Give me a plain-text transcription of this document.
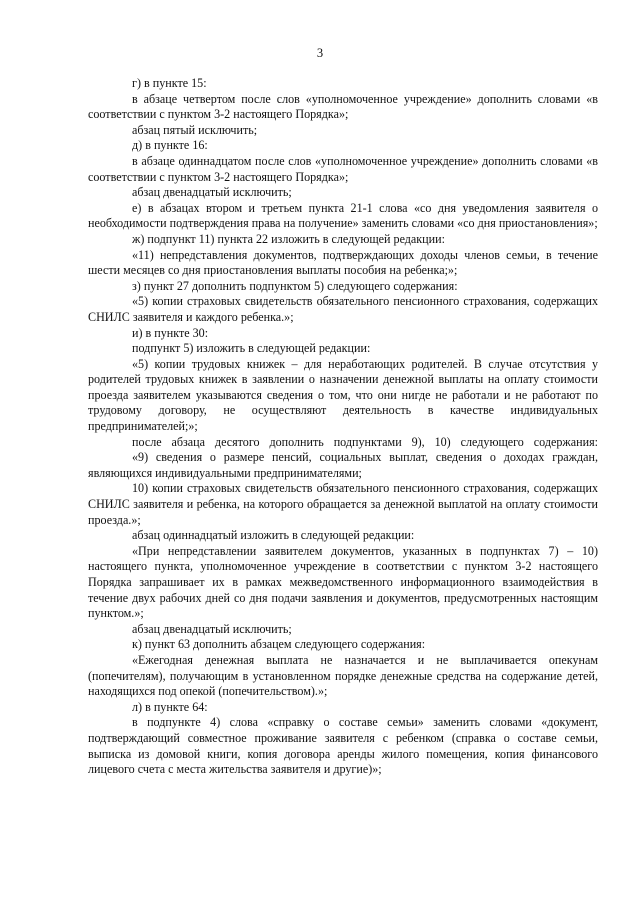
3

г) в пункте 15:

в абзаце четвертом после слов «уполномоченное учреждение» дополнить словами «в соответствии с пунктом 3-2 настоящего Порядка»;

абзац пятый исключить;

д) в пункте 16:

в абзаце одиннадцатом после слов «уполномоченное учреждение» дополнить словами «в соответствии с пунктом 3-2 настоящего Порядка»;

абзац двенадцатый исключить;

е) в абзацах втором и третьем пункта 21-1 слова «со дня уведомления заявителя о необходимости подтверждения права на получение» заменить словами «со дня приостановления»;

ж) подпункт 11) пункта 22 изложить в следующей редакции:

«11) непредставления документов, подтверждающих доходы членов семьи, в течение шести месяцев со дня приостановления выплаты пособия на ребенка;»;

з) пункт 27 дополнить подпунктом 5) следующего содержания:

«5) копии страховых свидетельств обязательного пенсионного страхования, содержащих СНИЛС заявителя и каждого ребенка.»;

и) в пункте 30:

подпункт 5) изложить в следующей редакции:

«5) копии трудовых книжек – для неработающих родителей. В случае отсутствия у родителей трудовых книжек в заявлении о назначении денежной выплаты на оплату стоимости проезда заявителем указываются сведения о том, что они нигде не работали и не работают по трудовому договору, не осуществляют деятельность в качестве индивидуальных предпринимателей;»;

после абзаца десятого дополнить подпунктами 9), 10) следующего содержания:

«9) сведения о размере пенсий, социальных выплат, сведения о доходах граждан, являющихся индивидуальными предпринимателями;

10) копии страховых свидетельств обязательного пенсионного страхования, содержащих СНИЛС заявителя и ребенка, на которого обращается за денежной выплатой на оплату стоимости проезда.»;

абзац одиннадцатый изложить в следующей редакции:

«При непредставлении заявителем документов, указанных в подпунктах 7) – 10) настоящего пункта, уполномоченное учреждение в соответствии с пунктом 3-2 настоящего Порядка запрашивает их в рамках межведомственного информационного взаимодействия в течение двух рабочих дней со дня подачи заявления и документов, предусмотренных настоящим пунктом.»;

абзац двенадцатый исключить;

к) пункт 63 дополнить абзацем следующего содержания:

«Ежегодная денежная выплата не назначается и не выплачивается опекунам (попечителям), получающим в установленном порядке денежные средства на содержание детей, находящихся под опекой (попечительством).»;

л) в пункте 64:

в подпункте 4) слова «справку о составе семьи» заменить словами «документ, подтверждающий совместное проживание заявителя с ребенком (справка о составе семьи, выписка из домовой книги, копия договора аренды жилого помещения, копия финансового лицевого счета с места жительства заявителя и другие)»;
